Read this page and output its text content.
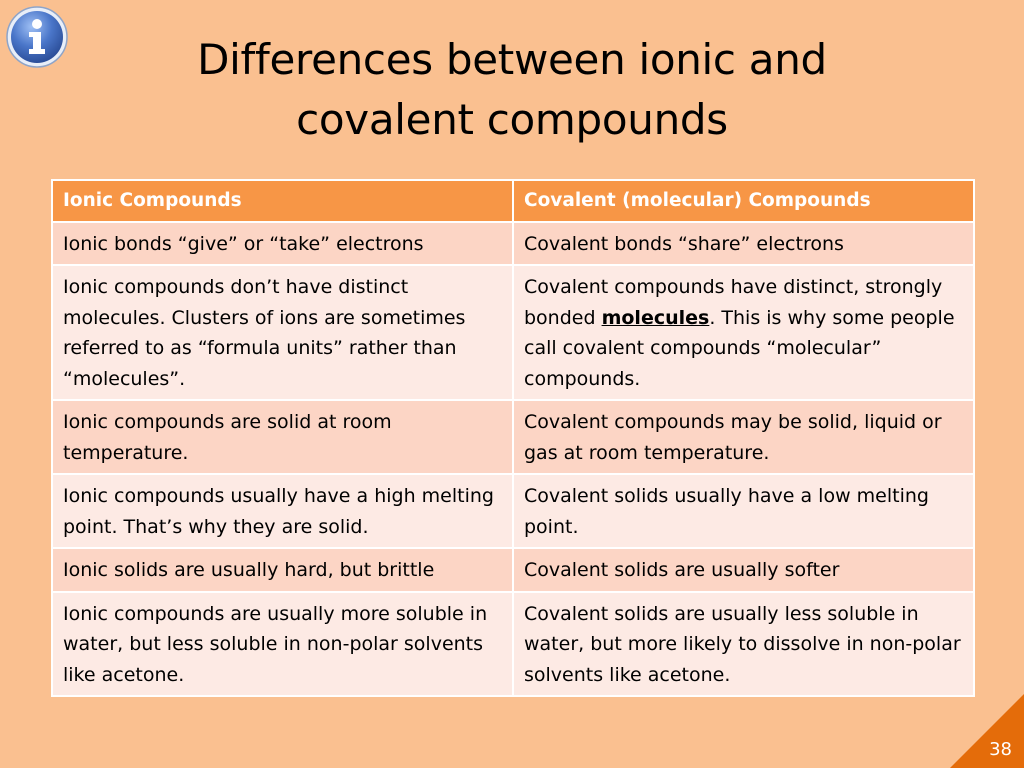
Differences between ionic and
covalent compounds
Ionic Compounds	Covalent (molecular) Compounds
Ionic bonds “give” or “take” electrons	Covalent bonds “share” electrons
Ionic compounds don’t have distinct molecules. Clusters of ions are sometimes referred to as “formula units” rather than “molecules”.	Covalent compounds have distinct, strongly bonded molecules. This is why some people call covalent compounds “molecular” compounds.
Ionic compounds are solid at room temperature.	Covalent compounds may be solid, liquid or gas at room temperature.
Ionic compounds usually have a high melting point. That’s why they are solid.	Covalent solids usually have a low melting point.
Ionic solids are usually hard, but brittle	Covalent solids are usually softer
Ionic compounds are usually more soluble in water, but less soluble in non-polar solvents like acetone.	Covalent solids are usually less soluble in water, but more likely to dissolve in non-polar solvents like acetone.
38
